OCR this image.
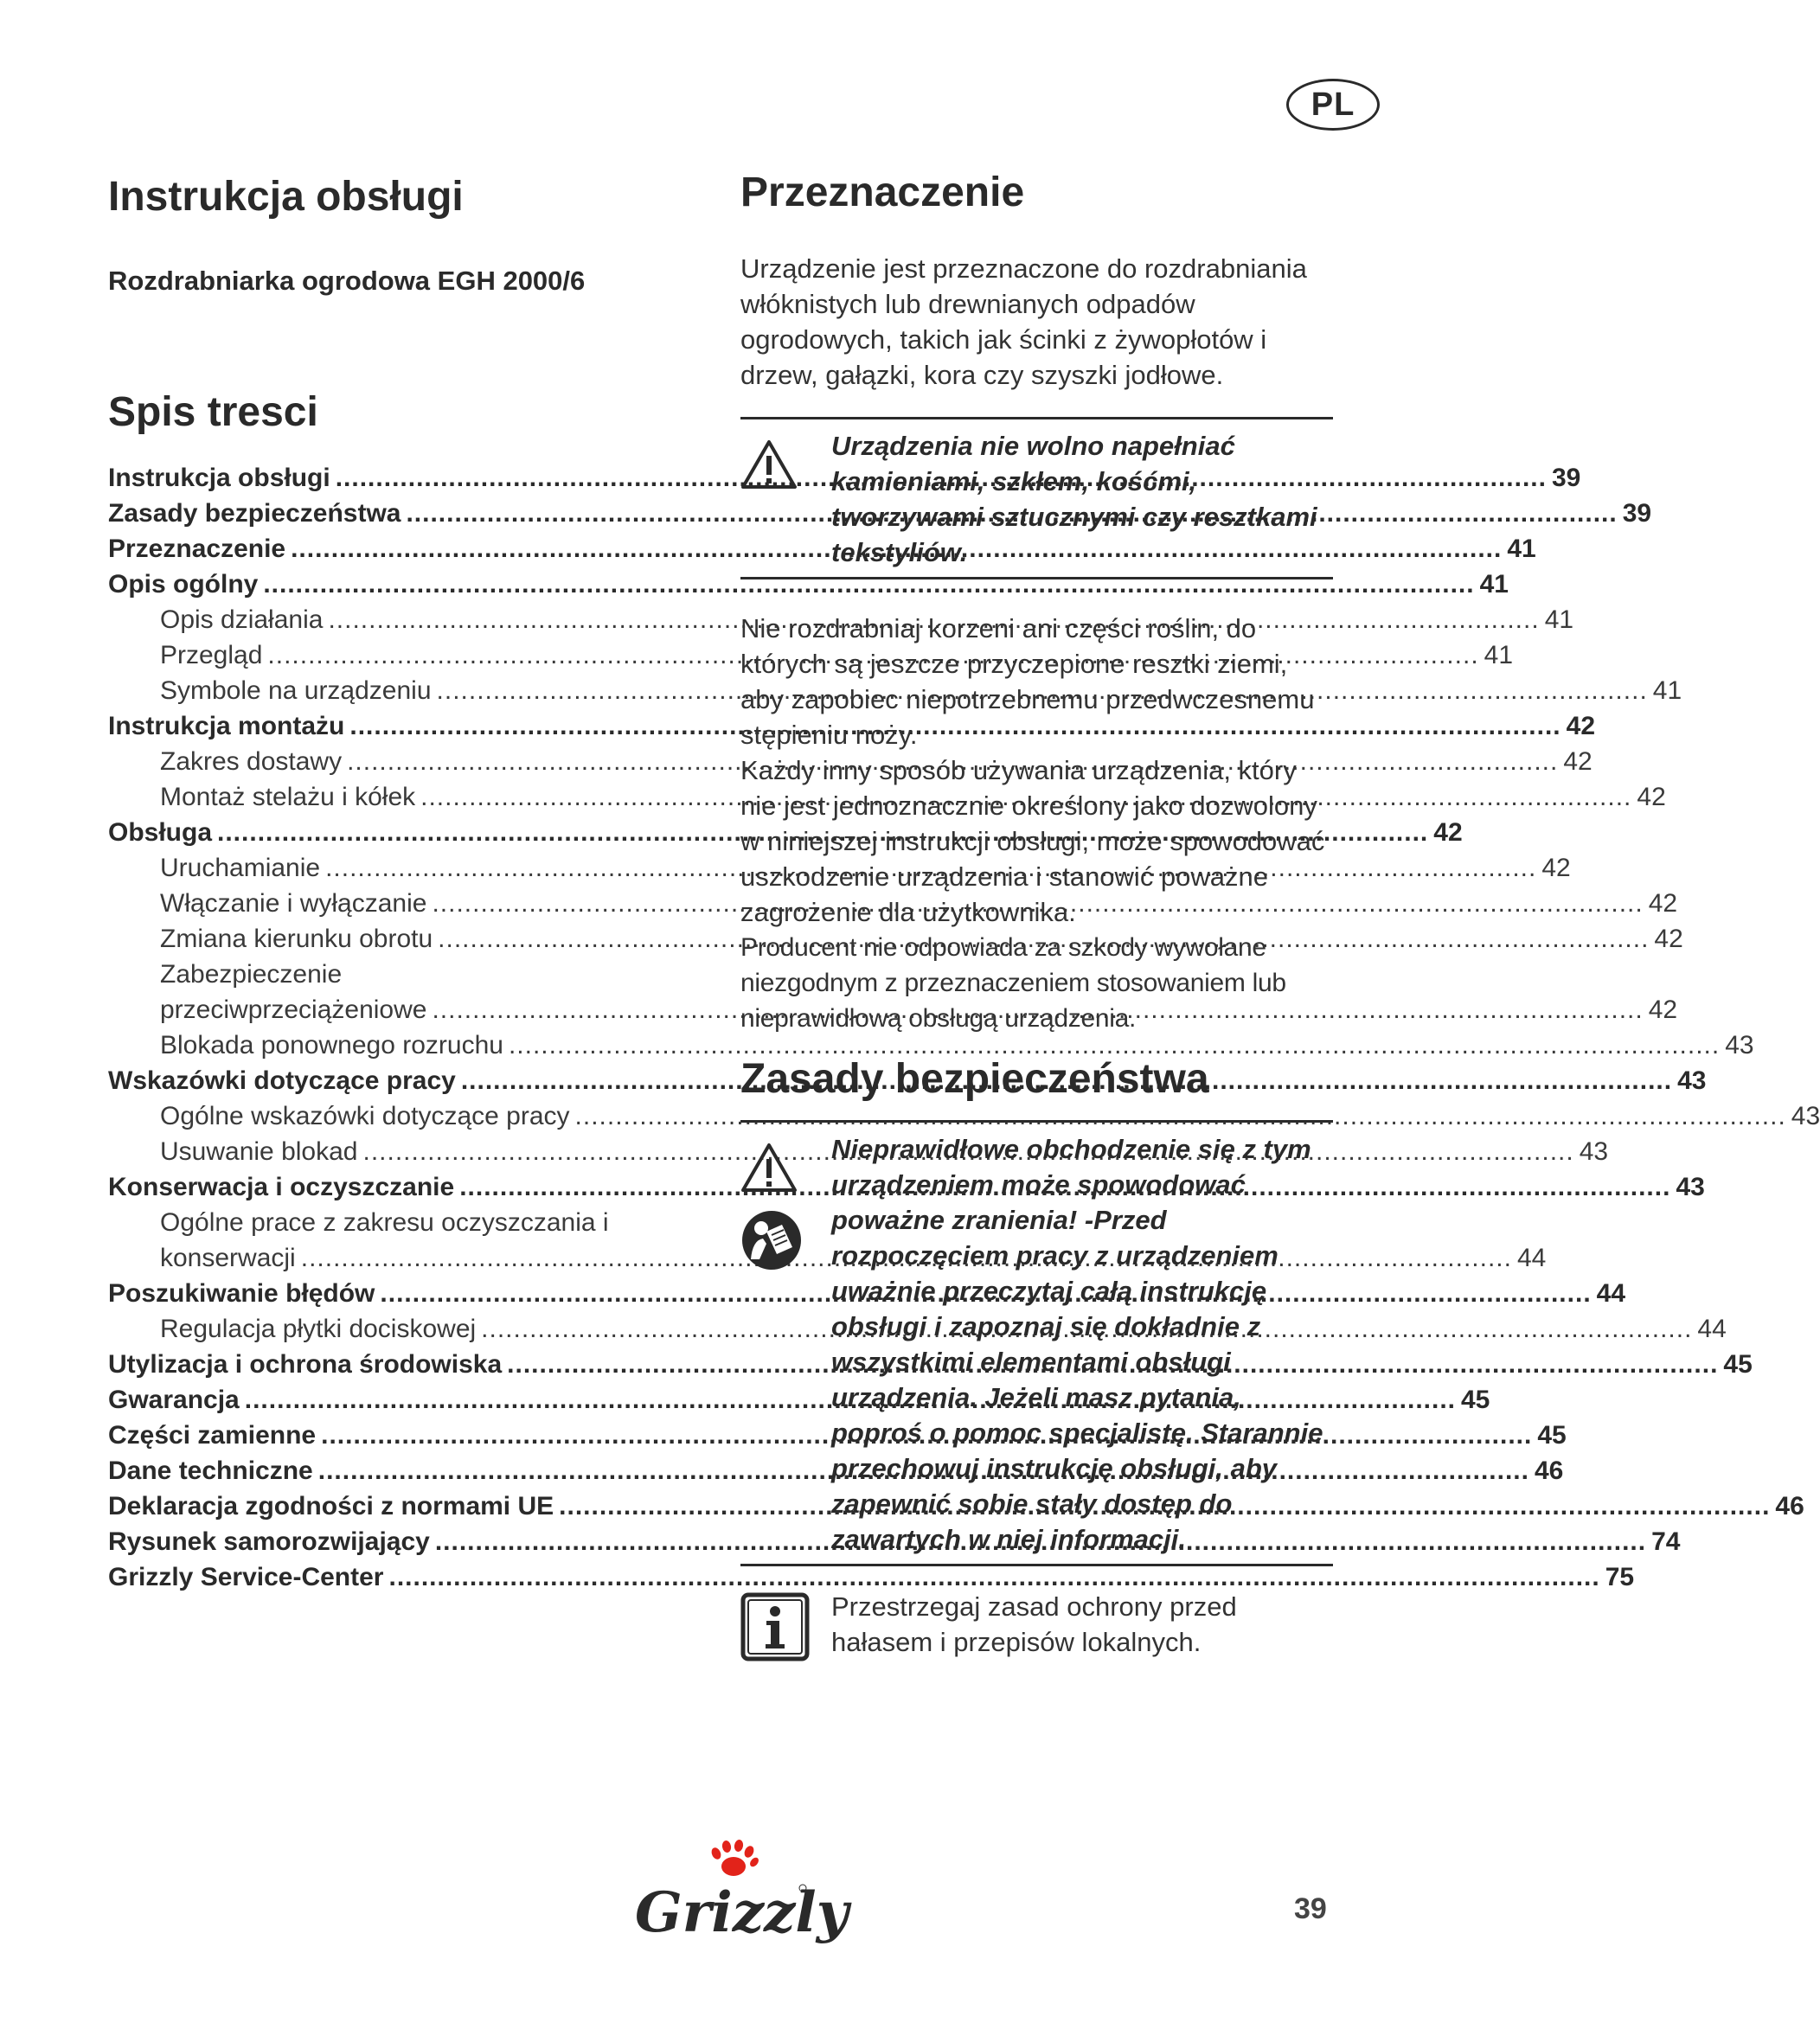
PL
Instrukcja obsługi
Rozdrabniarka ogrodowa EGH 2000/6
Spis tresci
Instrukcja obsługi .....	39
Zasady bezpieczeństwa .....	39
Przeznaczenie .....	41
Opis ogólny .....	41
Opis działania .....	41
Przegląd .....	41
Symbole na urządzeniu .....	41
Instrukcja montażu .....	42
Zakres dostawy .....	42
Montaż stelażu i kółek .....	42
Obsługa .....	42
Uruchamianie .....	42
Włączanie i wyłączanie .....	42
Zmiana kierunku obrotu .....	42
Zabezpieczenie
przeciwprzeciążeniowe .....	42
Blokada ponownego rozruchu .....	43
Wskazówki dotyczące pracy .....	43
Ogólne wskazówki dotyczące pracy .....	43
Usuwanie blokad .....	43
Konserwacja i oczyszczanie .....	43
Ogólne prace z zakresu oczyszczania i
konserwacji .....	44
Poszukiwanie błędów .....	44
Regulacja płytki dociskowej .....	44
Utylizacja i ochrona środowiska .....	45
Gwarancja .....	45
Części zamienne .....	45
Dane techniczne .....	46
Deklaracja zgodności z normami UE .....	46
Rysunek samorozwijający .....	74
Grizzly Service-Center .....	75
Przeznaczenie

Urządzenie jest przeznaczone do rozdrabniania włóknistych lub drewnianych odpadów ogrodowych, takich jak ścinki z żywopłotów i drzew, gałązki, kora czy szyszki jodłowe.

Urządzenia nie wolno napełniać kamieniami, szkłem, kośćmi, tworzywami sztucznymi czy resztkami tekstyliów.

Nie rozdrabniaj korzeni ani części roślin, do których są jeszcze przyczepione resztki ziemi, aby zapobiec niepotrzebnemu przedwczesnemu stępieniu noży.

Każdy inny sposób używania urządzenia, który nie jest jednoznacznie określony jako dozwolony w niniejszej instrukcji obsługi, może spowodować uszkodzenie urządzenia i stanowić poważne zagrożenie dla użytkownika.

Producent nie odpowiada za szkody wywołane niezgodnym z przeznaczeniem stosowaniem lub nieprawidłową obsługą urządzenia.

Zasady bezpieczeństwa
Nieprawidłowe obchodzenie się z tym urządzeniem może spowodować poważne zranienia! -Przed rozpoczęciem pracy z urządzeniem uważnie przeczytaj całą instrukcję obsługi i zapoznaj się dokładnie z wszystkimi elementami obsługi urządzenia. Jeżeli masz pytania, poproś o pomoc specjalistę. Starannie przechowuj instrukcję obsługi, aby zapewnić sobie stały dostęp do zawartych w niej informacji.
Przestrzegaj zasad ochrony przed hałasem i przepisów lokalnych.
Grizzly	39
